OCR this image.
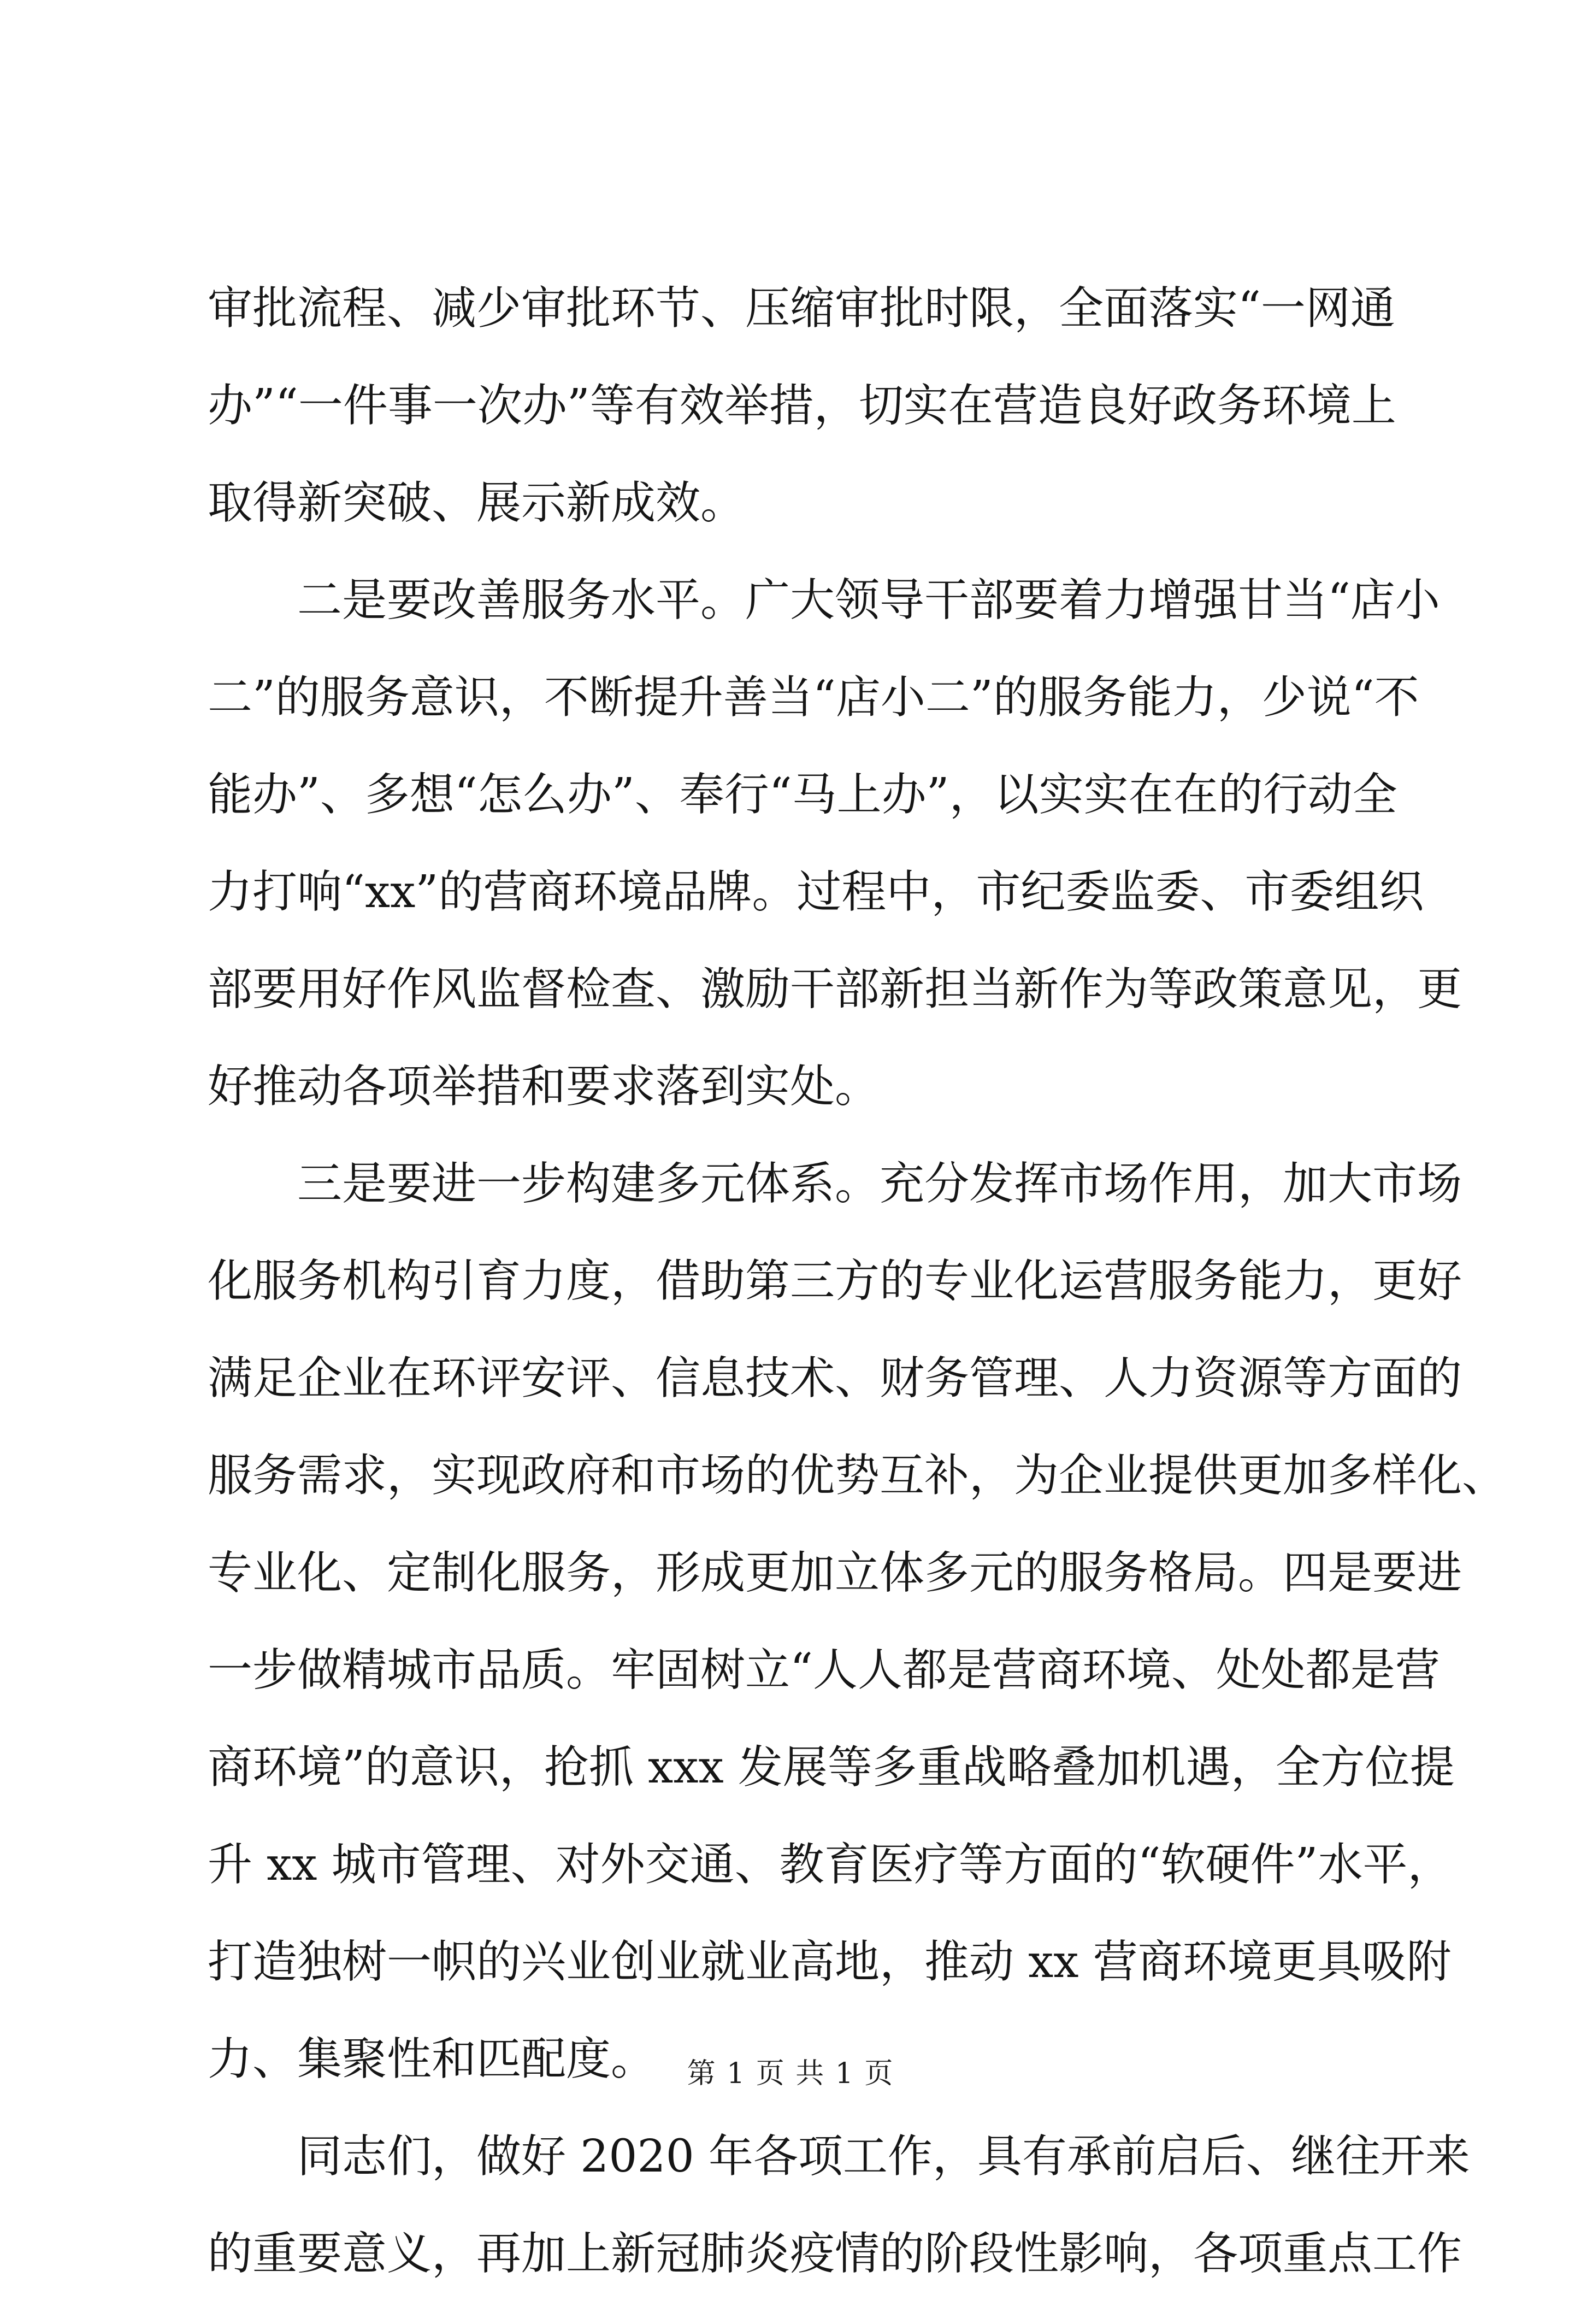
审批流程、减少审批环节、压缩审批时限，全面落实“一网通
办”“一件事一次办”等有效举措，切实在营造良好政务环境上
取得新突破、展示新成效。
　　二是要改善服务水平。广大领导干部要着力增强甘当“店小
二”的服务意识，不断提升善当“店小二”的服务能力，少说“不
能办”、多想“怎么办”、奉行“马上办”，以实实在在的行动全
力打响“xx”的营商环境品牌。过程中，市纪委监委、市委组织
部要用好作风监督检查、激励干部新担当新作为等政策意见，更
好推动各项举措和要求落到实处。
　　三是要进一步构建多元体系。充分发挥市场作用，加大市场
化服务机构引育力度，借助第三方的专业化运营服务能力，更好
满足企业在环评安评、信息技术、财务管理、人力资源等方面的
服务需求，实现政府和市场的优势互补，为企业提供更加多样化、
专业化、定制化服务，形成更加立体多元的服务格局。四是要进
一步做精城市品质。牢固树立“人人都是营商环境、处处都是营
商环境”的意识，抢抓 xxx 发展等多重战略叠加机遇，全方位提
升 xx 城市管理、对外交通、教育医疗等方面的“软硬件”水平，
打造独树一帜的兴业创业就业高地，推动 xx 营商环境更具吸附
力、集聚性和匹配度。
　　同志们，做好 2020 年各项工作，具有承前启后、继往开来
的重要意义，再加上新冠肺炎疫情的阶段性影响，各项重点工作
第 1 页 共 1 页
